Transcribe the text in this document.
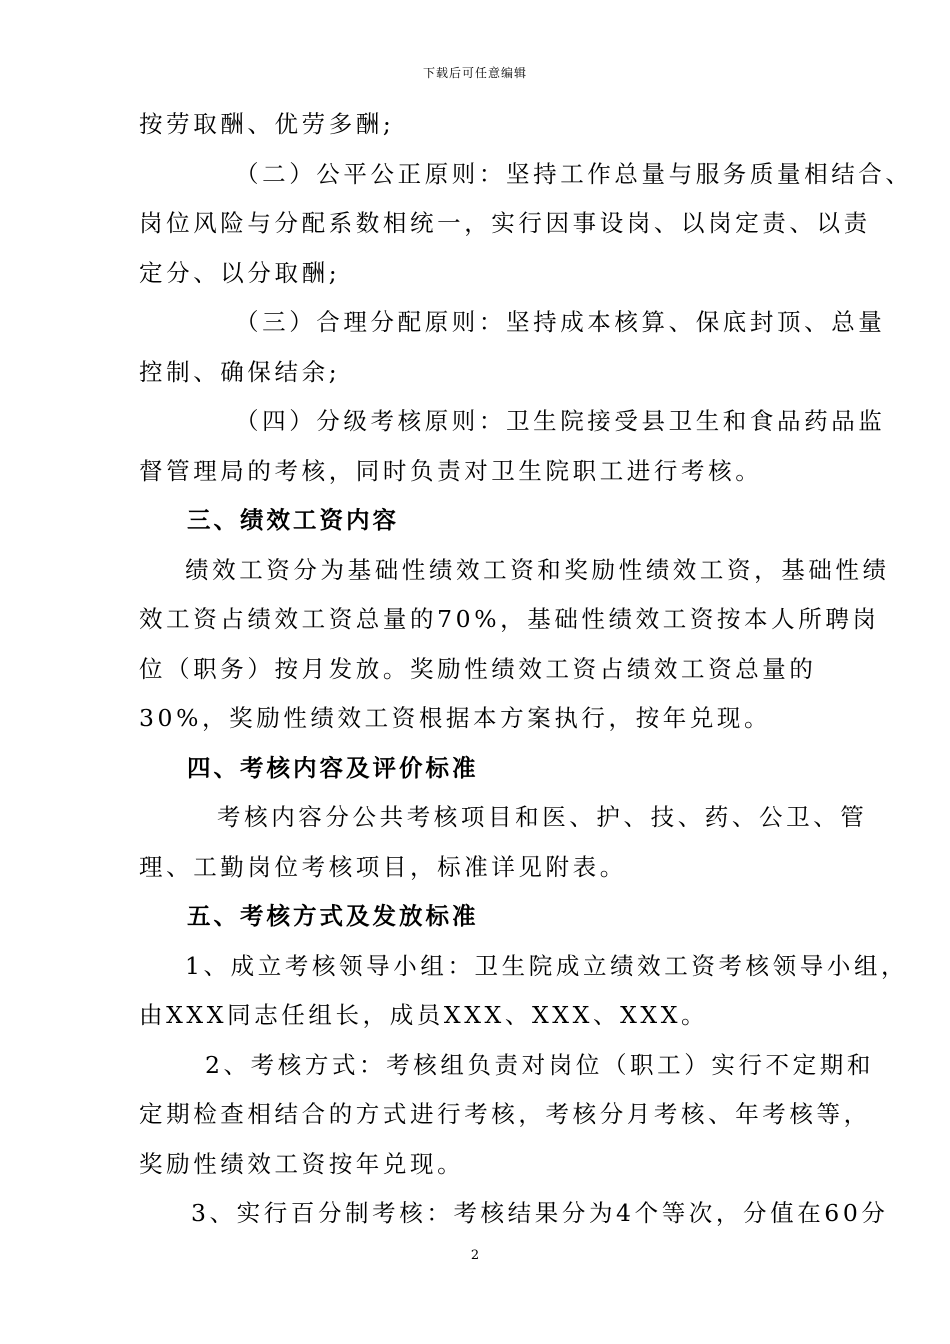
下载后可任意编辑
按劳取酬、优劳多酬;
（二）公平公正原则：坚持工作总量与服务质量相结合、
岗位风险与分配系数相统一，实行因事设岗、以岗定责、以责
定分、以分取酬;
（三）合理分配原则：坚持成本核算、保底封顶、总量
控制、确保结余;
（四）分级考核原则：卫生院接受县卫生和食品药品监
督管理局的考核，同时负责对卫生院职工进行考核。
三、绩效工资内容
绩效工资分为基础性绩效工资和奖励性绩效工资，基础性绩
效工资占绩效工资总量的70%，基础性绩效工资按本人所聘岗
位（职务）按月发放。奖励性绩效工资占绩效工资总量的
30%，奖励性绩效工资根据本方案执行，按年兑现。
四、考核内容及评价标准
考核内容分公共考核项目和医、护、技、药、公卫、管
理、工勤岗位考核项目，标准详见附表。
五、考核方式及发放标准
1、成立考核领导小组：卫生院成立绩效工资考核领导小组，
由XXX同志任组长，成员XXX、XXX、XXX。
2、考核方式：考核组负责对岗位（职工）实行不定期和
定期检查相结合的方式进行考核，考核分月考核、年考核等，
奖励性绩效工资按年兑现。
3、实行百分制考核：考核结果分为4个等次，分值在60分
2
